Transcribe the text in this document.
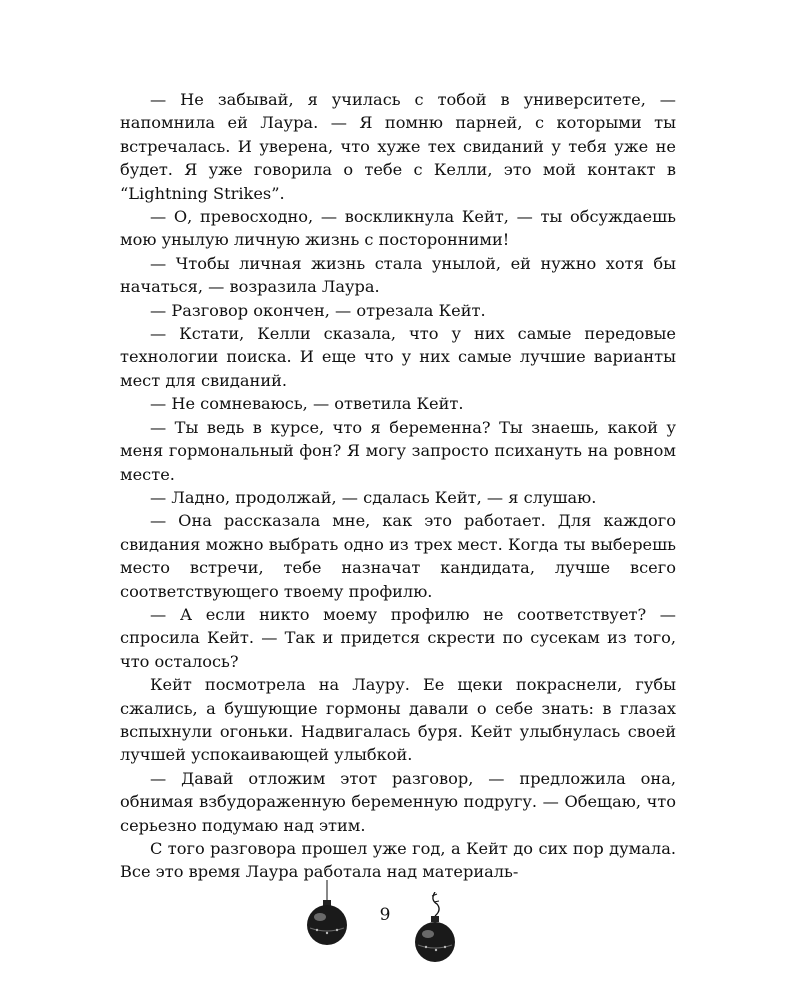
— Не забывай, я училась с тобой в университете, — напомнила ей Лаура. — Я помню парней, с которыми ты встречалась. И уверена, что хуже тех свиданий у тебя уже не будет. Я уже говорила о тебе с Келли, это мой контакт в “Lightning Strikes”.

— О, превосходно, — воскликнула Кейт, — ты обсуждаешь мою унылую личную жизнь с посторонними!

— Чтобы личная жизнь стала унылой, ей нужно хотя бы начаться, — возразила Лаура.

— Разговор окончен, — отрезала Кейт.

— Кстати, Келли сказала, что у них самые передовые технологии поиска. И еще что у них самые лучшие варианты мест для свиданий.

— Не сомневаюсь, — ответила Кейт.

— Ты ведь в курсе, что я беременна? Ты знаешь, какой у меня гормональный фон? Я могу запросто психануть на ровном месте.

— Ладно, продолжай, — сдалась Кейт, — я слушаю.

— Она рассказала мне, как это работает. Для каждого свидания можно выбрать одно из трех мест. Когда ты выберешь место встречи, тебе назначат кандидата, лучше всего соответствующего твоему профилю.

— А если никто моему профилю не соответствует? — спросила Кейт. — Так и придется скрести по сусекам из того, что осталось?

Кейт посмотрела на Лауру. Ее щеки покраснели, губы сжались, а бушующие гормоны давали о себе знать: в глазах вспыхнули огоньки. Надвигалась буря. Кейт улыбнулась своей лучшей успокаивающей улыбкой.

— Давай отложим этот разговор, — предложила она, обнимая взбудораженную беременную подругу. — Обещаю, что серьезно подумаю над этим.

С того разговора прошел уже год, а Кейт до сих пор думала. Все это время Лаура работала над материаль-

9
